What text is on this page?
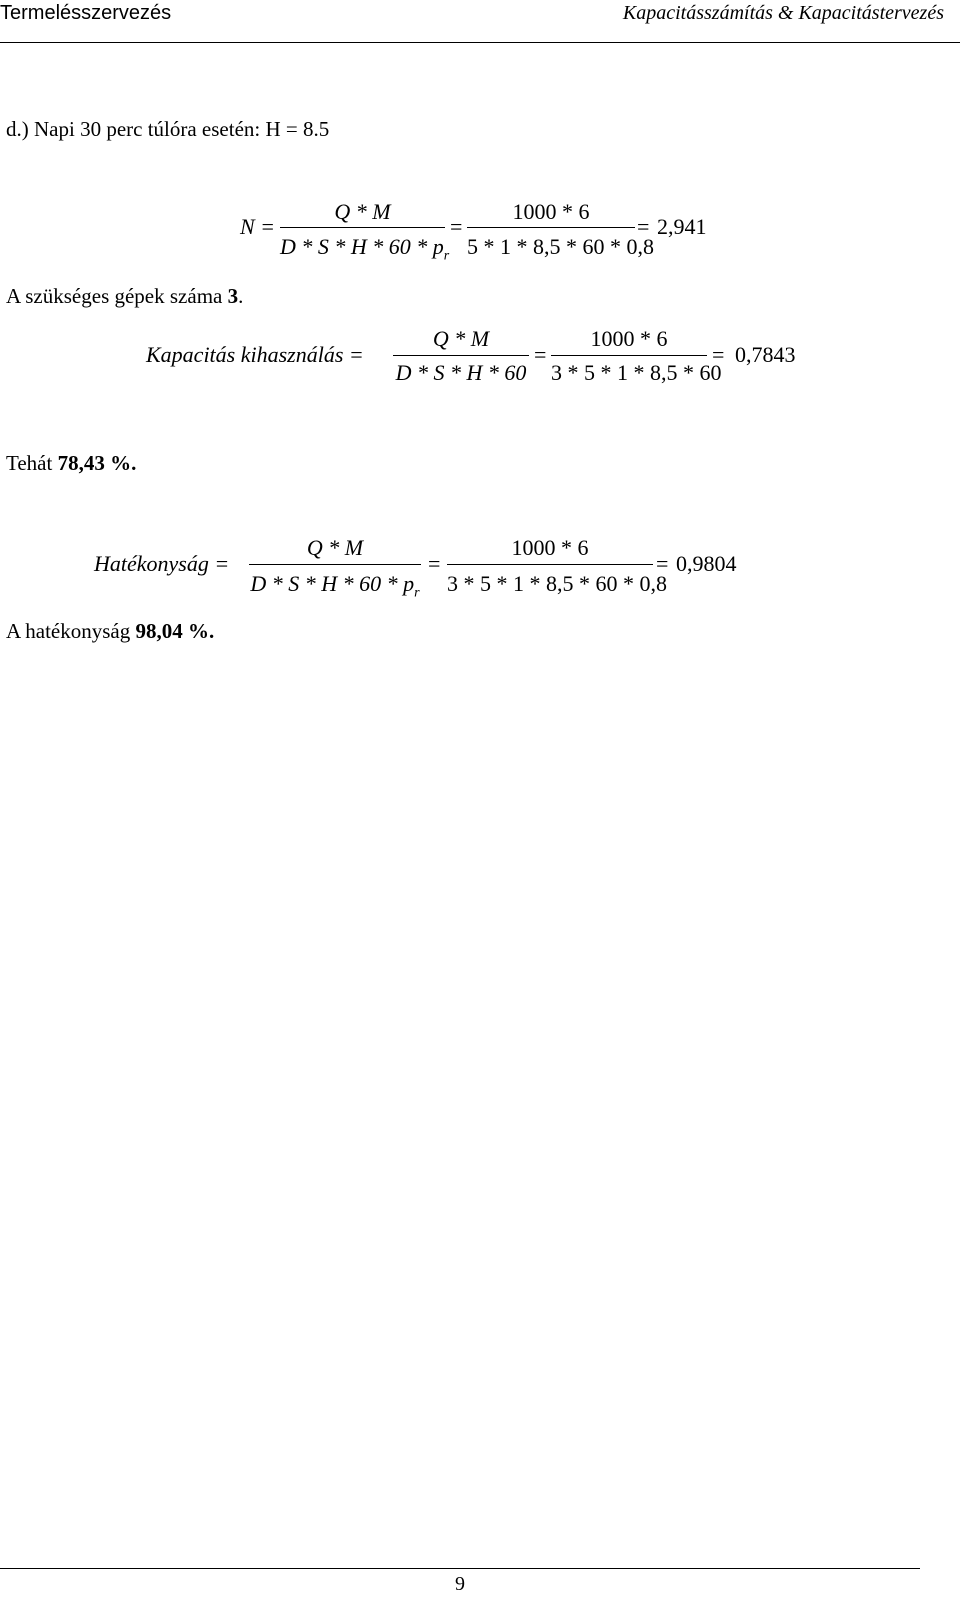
Termelésszervezés	Kapacitásszámítás & Kapacitástervezés
d.) Napi 30 perc túlóra esetén: H = 8.5
N =
Q * M
D * S * H * $60 * p_r$
=
1000 * 6
5 * 1 * 8,5 * 60 * 0,8
= 2,941
A szükséges gépek száma 3.
Kapacitás kihasználás =
Q * M
D * S * H * 60
=
1000 * 6
3 * 5 * 1 * 8,5 * 60
= 0,7843
Tehát 78,43 %.
Hatékonyság =
Q * M
D * S * H * $60 * p_r$
=
1000 * 6
3 * 5 * 1 * 8,5 * 60 * 0,8
= 0,9804
A hatékonyság 98,04 %.
9
